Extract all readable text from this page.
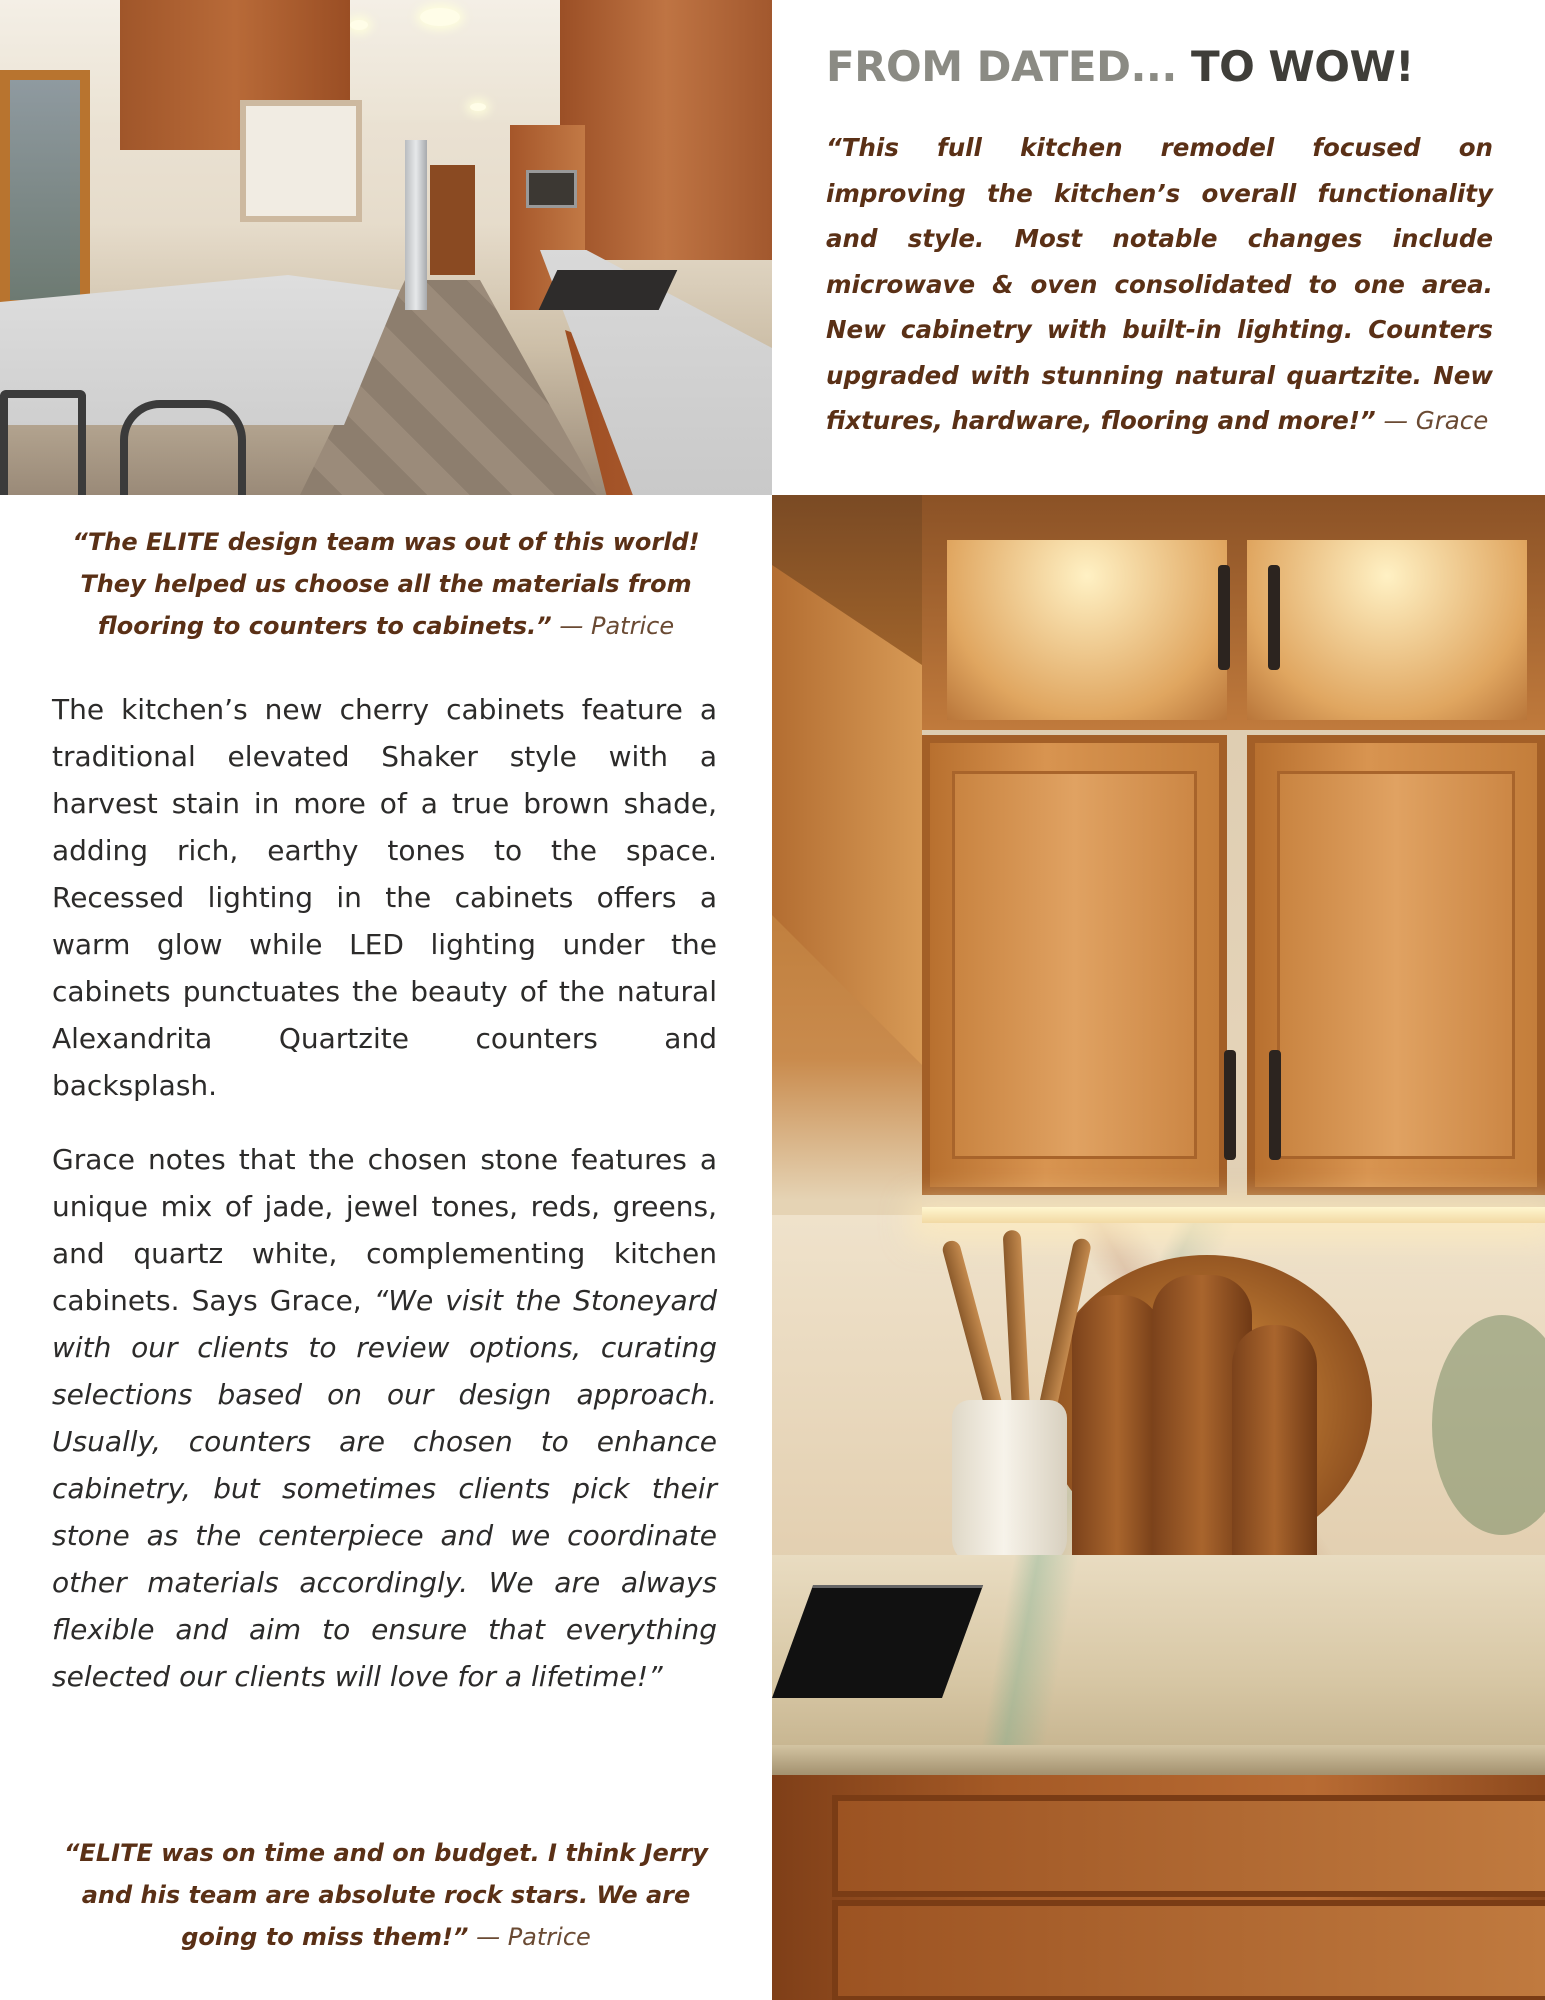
FROM DATED... TO WOW!

“This full kitchen remodel focused on improving the kitchen’s overall functionality and style. Most notable changes include microwave & oven consolidated to one area. New cabinetry with built-in lighting. Counters upgraded with stunning natural quartzite. New fixtures, hardware, flooring and more!” — Grace

“The ELITE design team was out of this world! They helped us choose all the materials from flooring to counters to cabinets.” — Patrice

The kitchen’s new cherry cabinets feature a traditional elevated Shaker style with a harvest stain in more of a true brown shade, adding rich, earthy tones to the space. Recessed lighting in the cabinets offers a warm glow while LED lighting under the cabinets punctuates the beauty of the natural Alexandrita Quartzite counters and backsplash.

Grace notes that the chosen stone features a unique mix of jade, jewel tones, reds, greens, and quartz white, complementing kitchen cabinets. Says Grace, “We visit the Stoneyard with our clients to review options, curating selections based on our design approach. Usually, counters are chosen to enhance cabinetry, but sometimes clients pick their stone as the centerpiece and we coordinate other materials accordingly. We are always flexible and aim to ensure that everything selected our clients will love for a lifetime!”

“ELITE was on time and on budget. I think Jerry and his team are absolute rock stars. We are going to miss them!” — Patrice
